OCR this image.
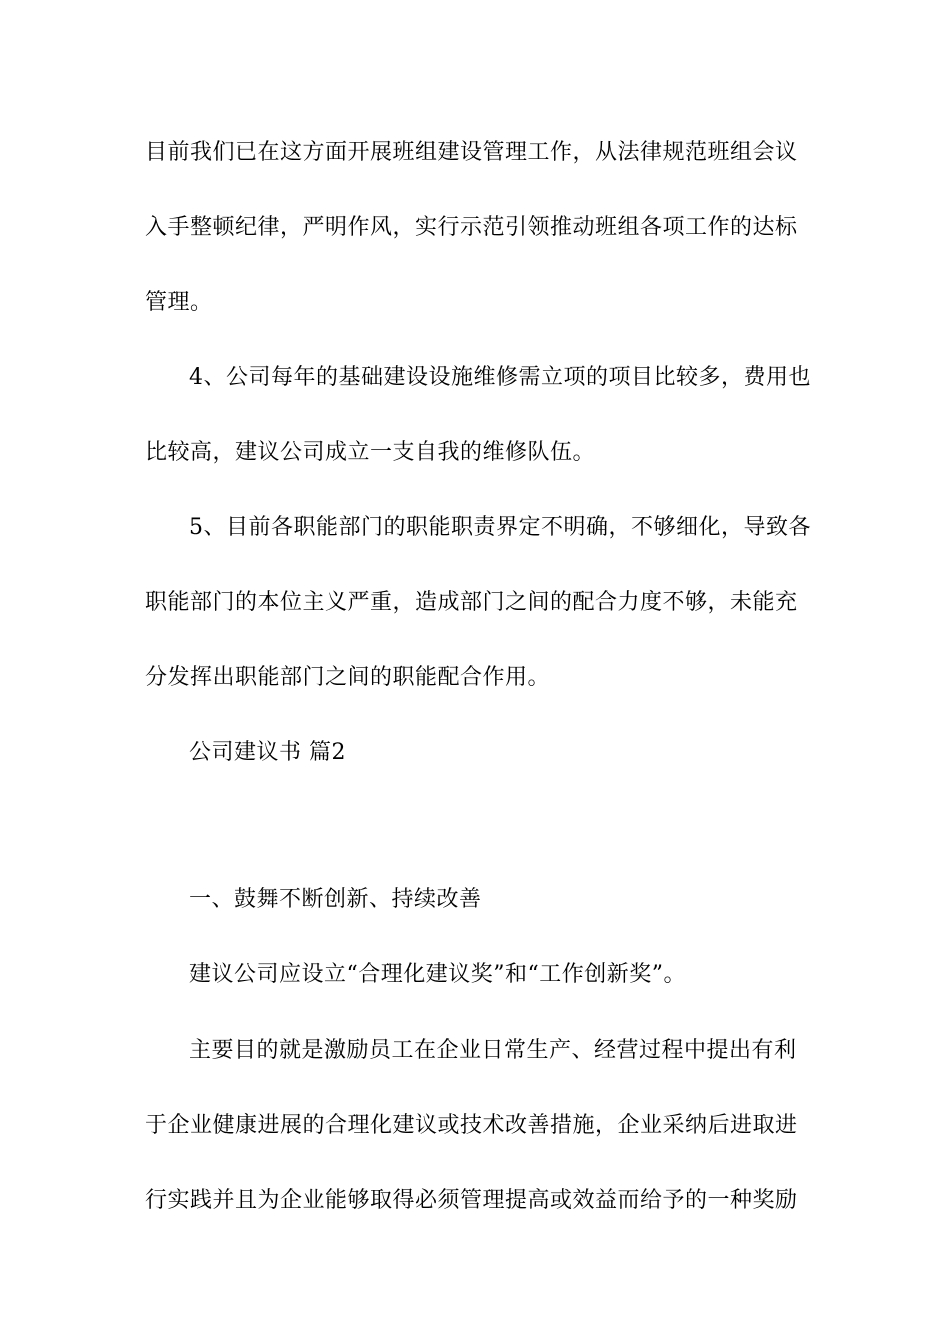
目前我们已在这方面开展班组建设管理工作，从法律规范班组会议
入手整顿纪律，严明作风，实行示范引领推动班组各项工作的达标
管理。
4、公司每年的基础建设设施维修需立项的项目比较多，费用也
比较高，建议公司成立一支自我的维修队伍。
5、目前各职能部门的职能职责界定不明确，不够细化，导致各
职能部门的本位主义严重，造成部门之间的配合力度不够，未能充
分发挥出职能部门之间的职能配合作用。
公司建议书 篇2
一、鼓舞不断创新、持续改善
建议公司应设立“合理化建议奖”和“工作创新奖”。
主要目的就是激励员工在企业日常生产、经营过程中提出有利
于企业健康进展的合理化建议或技术改善措施，企业采纳后进取进
行实践并且为企业能够取得必须管理提高或效益而给予的一种奖励
